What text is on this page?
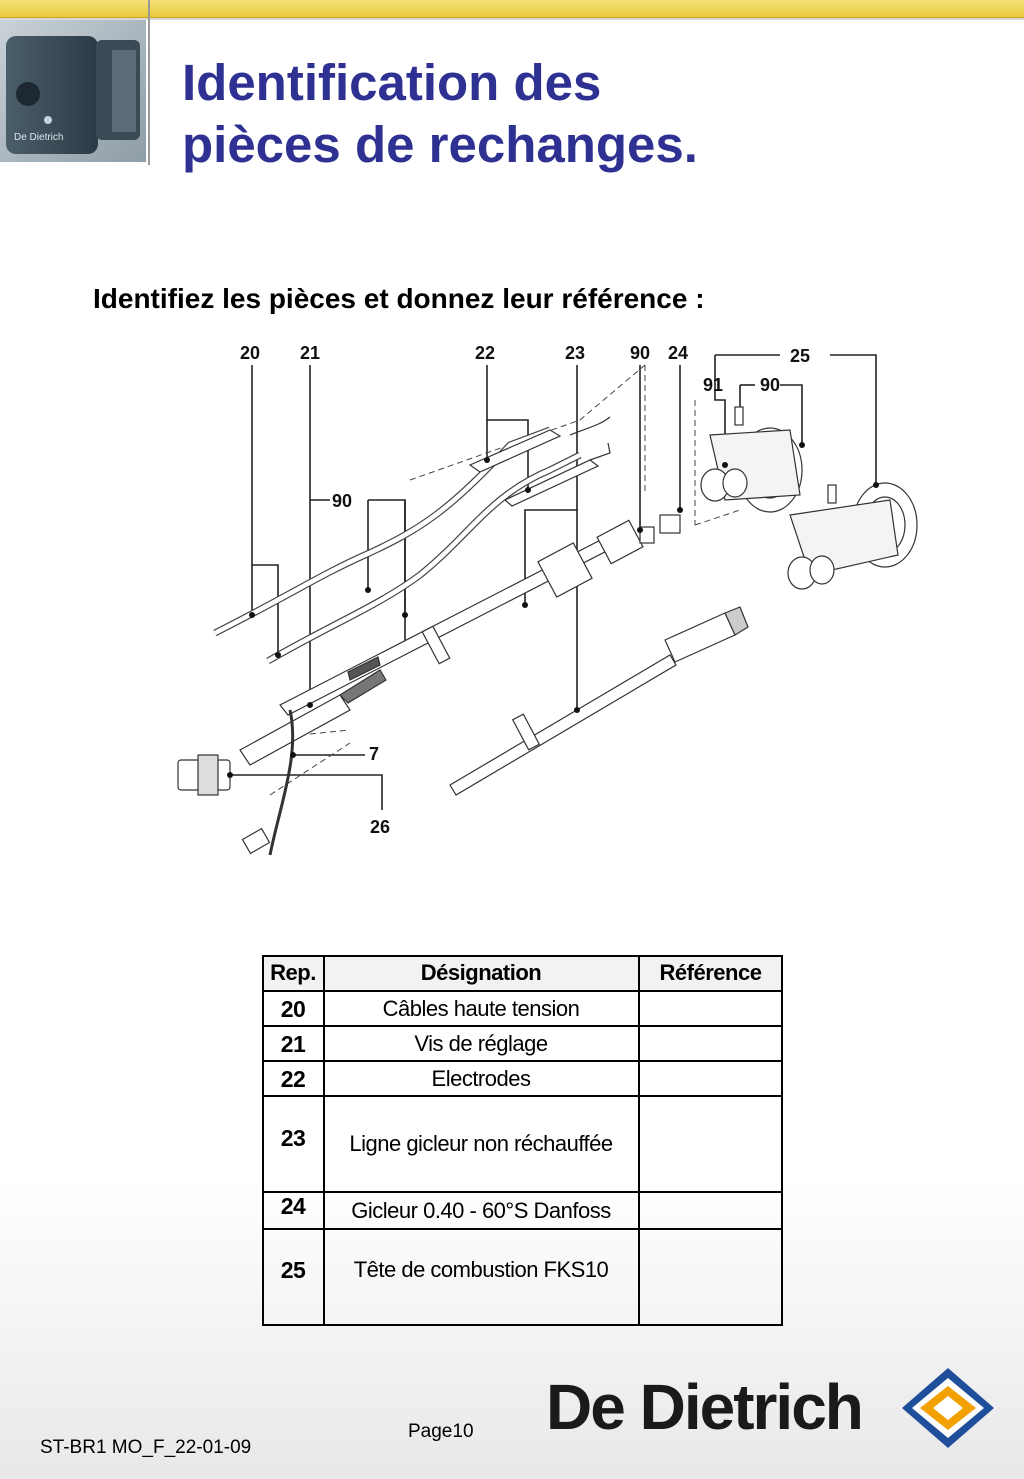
De Dietrich
Identification des
pièces de rechanges.
Identifiez les pièces et donnez leur référence :
20 21	22	23 90 24	25
91 90
90
7
26
Rep.	Désignation	Référence
20	Câbles haute tension
21	Vis de réglage
22	Electrodes
23	Ligne gicleur non réchauffée
24	Gicleur 0.40 - 60°S Danfoss
25	Tête de combustion FKS10
Page10
ST-BR1 MO_F_22-01-09
De Dietrich
